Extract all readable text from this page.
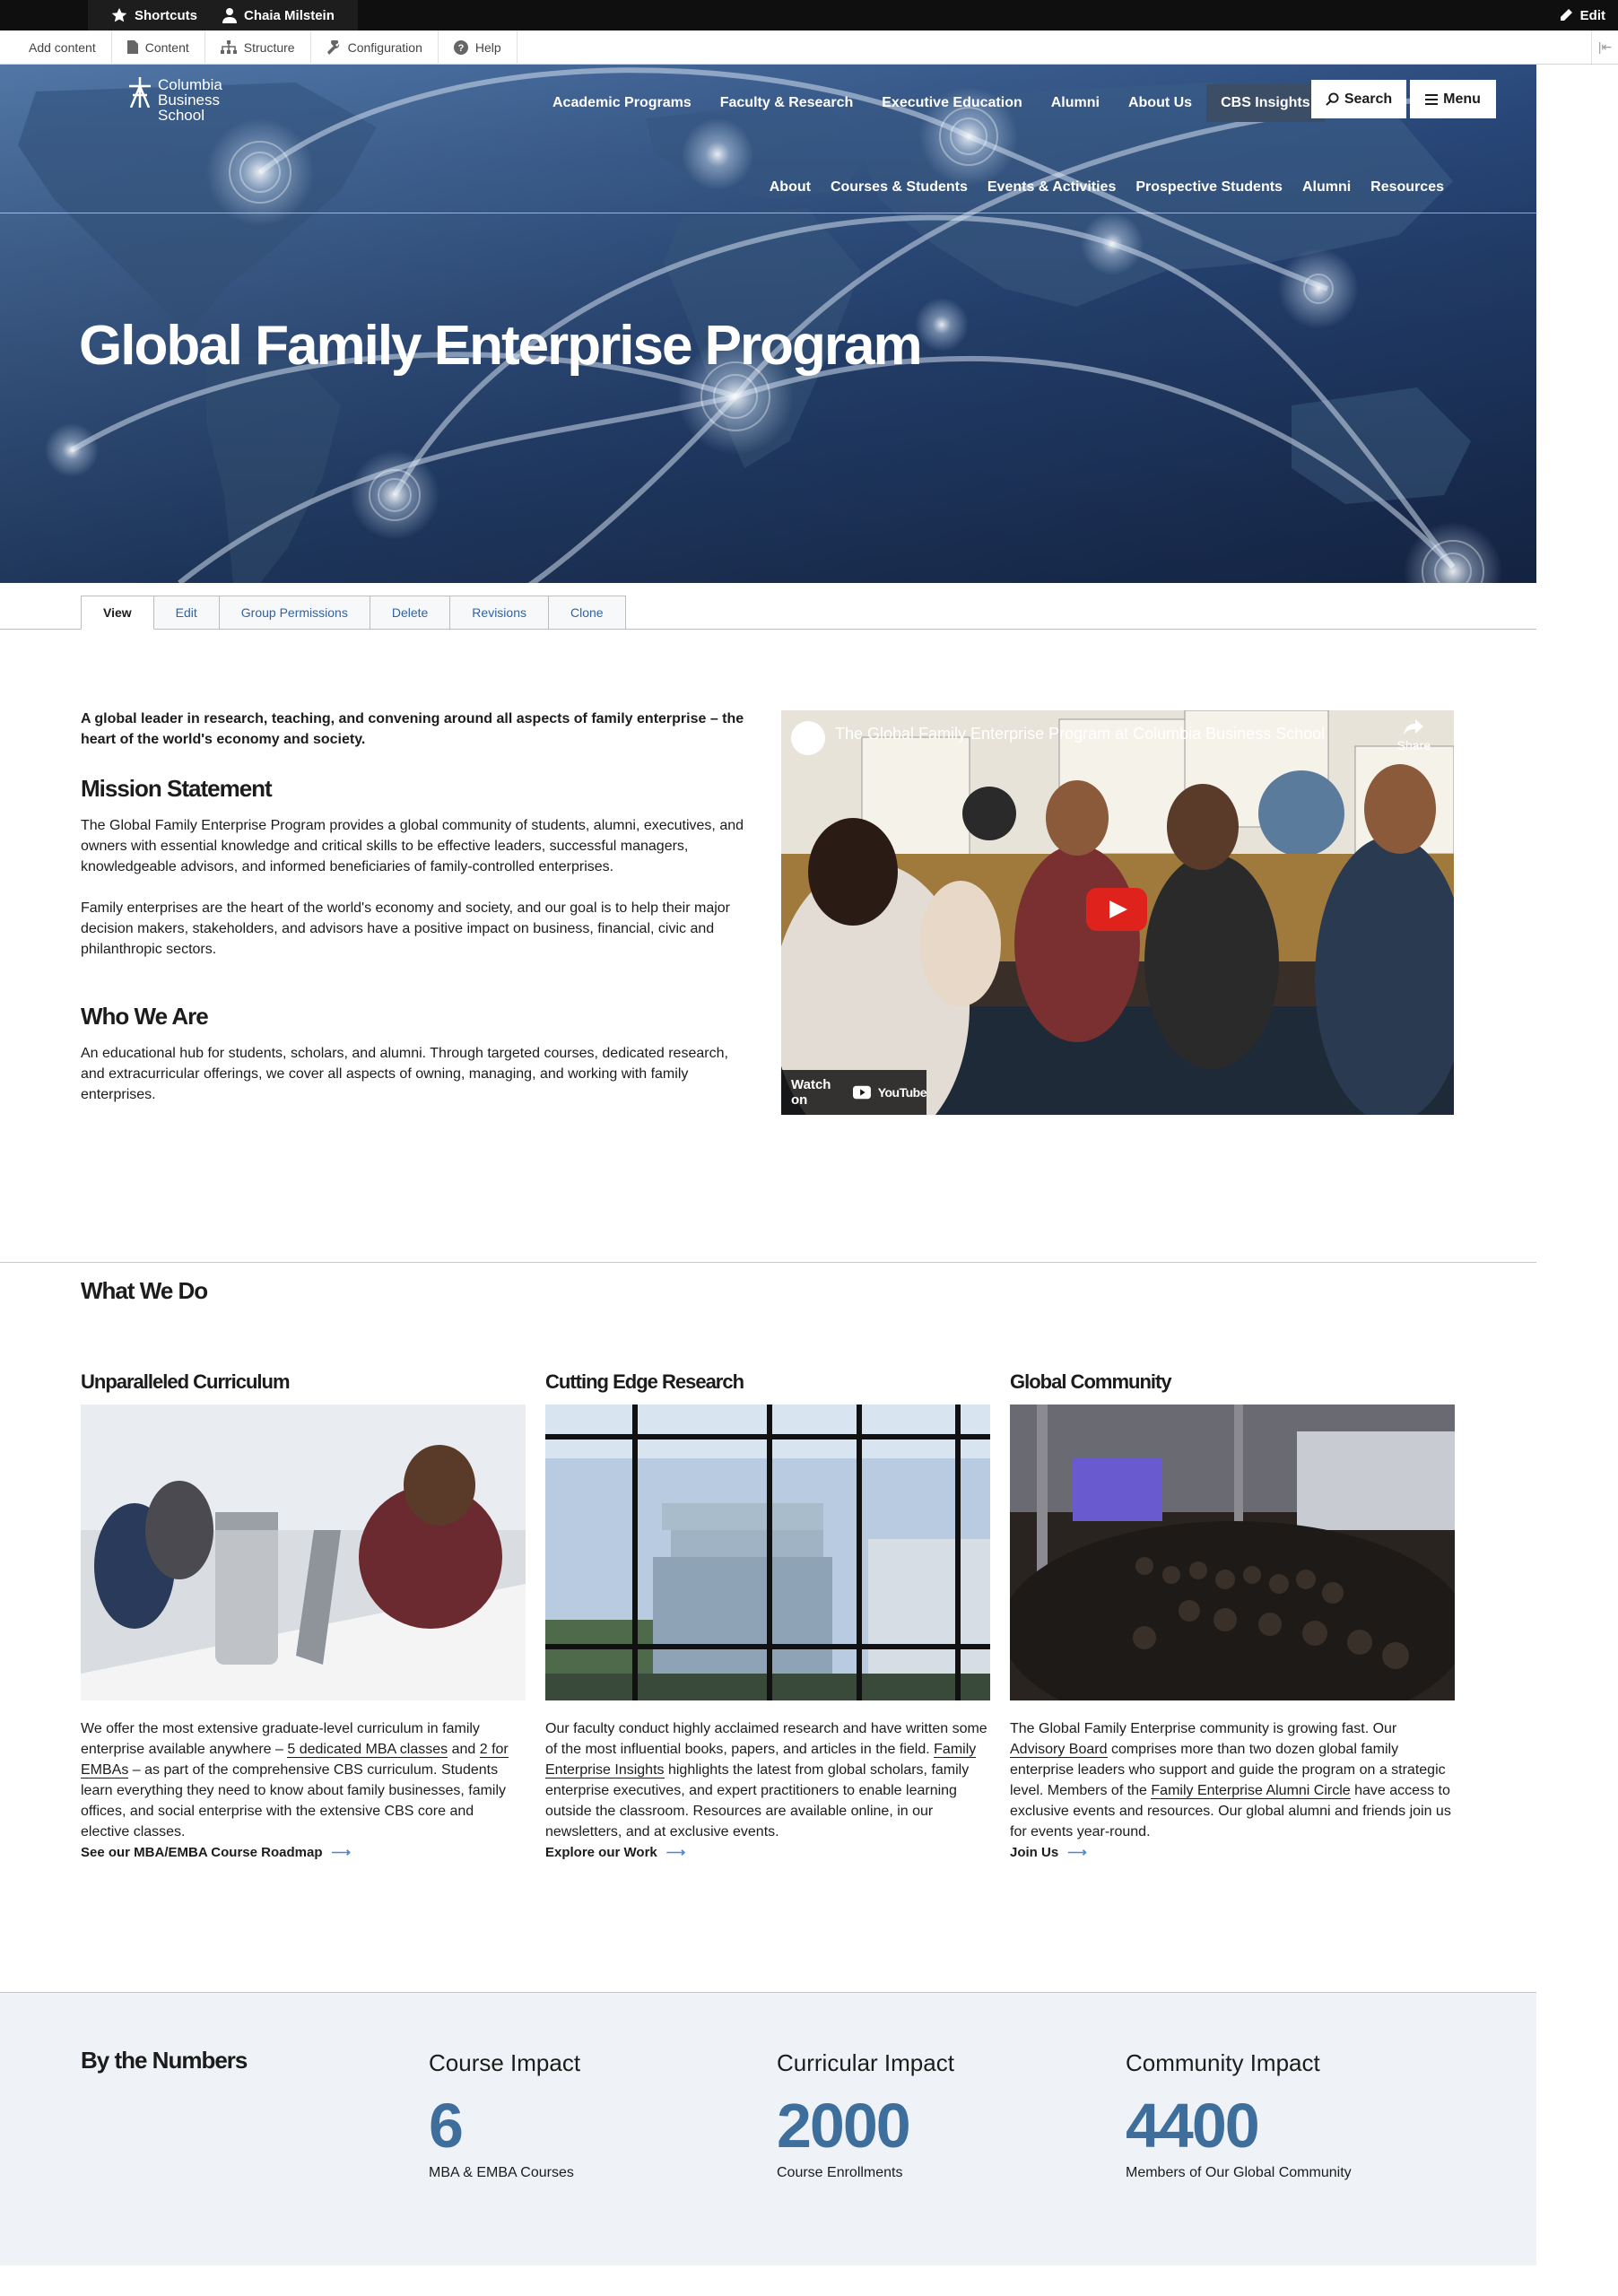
Shortcuts	Chaia Milstein	Edit
Add content	Content	Structure	Configuration	? Help	|⇤
Columbia
Business
School
Academic Programs	Faculty & Research	Executive Education	Alumni	About Us	CBS Insights	Search	Menu
About	Courses & Students	Events & Activities	Prospective Students	Alumni	Resources
Global Family Enterprise Program
View	Edit	Group Permissions	Delete	Revisions	Clone

A global leader in research, teaching, and convening around all aspects of family enterprise – the heart of the world's economy and society.

Mission Statement

The Global Family Enterprise Program provides a global community of students, alumni, executives, and owners with essential knowledge and critical skills to be effective leaders, successful managers, knowledgeable advisors, and informed beneficiaries of family-controlled enterprises.

Family enterprises are the heart of the world's economy and society, and our goal is to help their major decision makers, stakeholders, and advisors have a positive impact on business, financial, civic and philanthropic sectors.

Who We Are

An educational hub for students, scholars, and alumni. Through targeted courses, dedicated research, and extracurricular offerings, we cover all aspects of owning, managing, and working with family enterprises.

The Global Family Enterprise Program at Columbia Business School
Share
Watch on	YouTube
What We Do
Unparalleled Curriculum

We offer the most extensive graduate-level curriculum in family enterprise available anywhere – 5 dedicated MBA classes and 2 for EMBAs – as part of the comprehensive CBS curriculum. Students learn everything they need to know about family businesses, family offices, and social enterprise with the extensive CBS core and elective classes.

See our MBA/EMBA Course Roadmap ⟶
Cutting Edge Research

Our faculty conduct highly acclaimed research and have written some of the most influential books, papers, and articles in the field. Family Enterprise Insights highlights the latest from global scholars, family enterprise executives, and expert practitioners to enable learning outside the classroom. Resources are available online, in our newsletters, and at exclusive events.

Explore our Work ⟶
Global Community

The Global Family Enterprise community is growing fast. Our Advisory Board comprises more than two dozen global family enterprise leaders who support and guide the program on a strategic level. Members of the Family Enterprise Alumni Circle have access to exclusive events and resources. Our global alumni and friends join us for events year-round.

Join Us ⟶
By the Numbers	Course Impact
6
MBA & EMBA Courses
Curricular Impact
2000
Course Enrollments
Community Impact
4400
Members of Our Global Community
